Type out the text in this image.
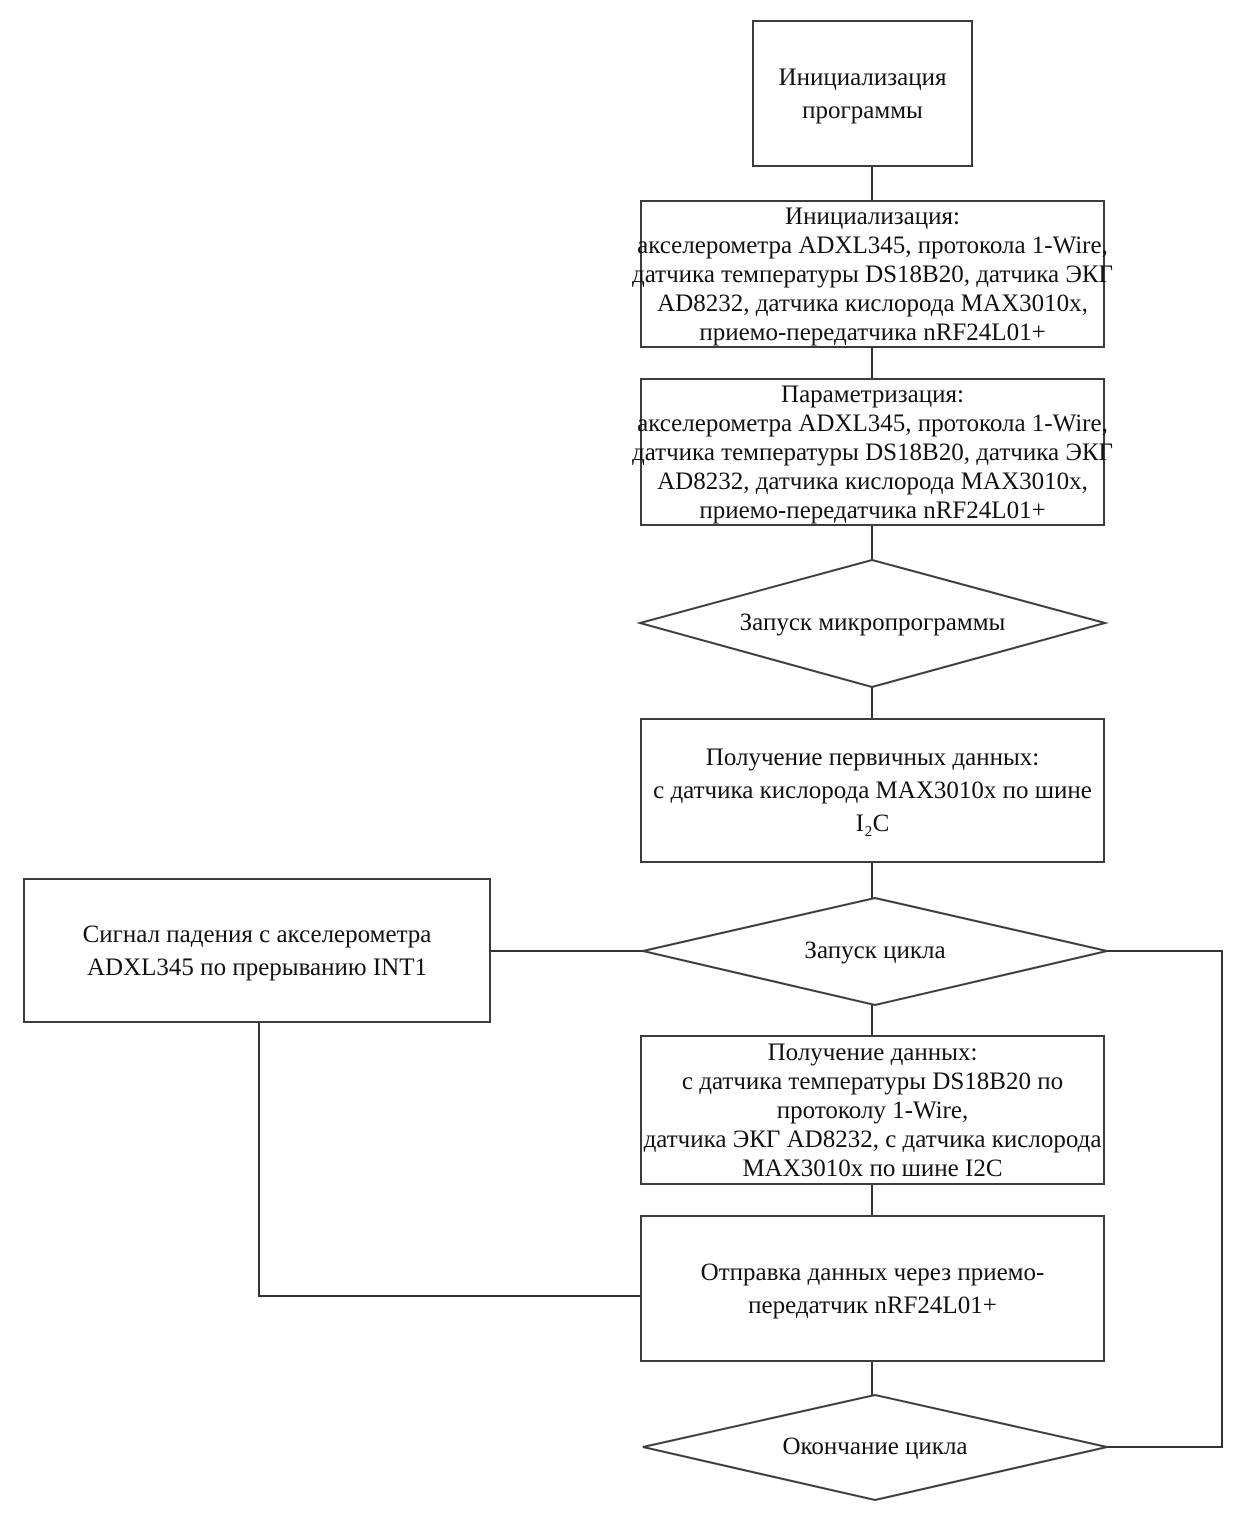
Инициализация
программы
Инициализация:
акселерометра ADXL345, протокола 1-Wire,
датчика температуры DS18B20, датчика ЭКГ
AD8232, датчика кислорода MAX3010x,
приемо-передатчика nRF24L01+
Параметризация:
акселерометра ADXL345, протокола 1-Wire,
датчика температуры DS18B20, датчика ЭКГ
AD8232, датчика кислорода MAX3010x,
приемо-передатчика nRF24L01+
Запуск микропрограммы
Получение первичных данных:
с датчика кислорода MAX3010x по шине
I₂C
Сигнал падения с акселерометра
ADXL345 по прерыванию INT1
Запуск цикла
Получение данных:
с датчика температуры DS18B20 по
протоколу 1-Wire,
датчика ЭКГ AD8232, с датчика кислорода
MAX3010x по шине I2C
Отправка данных через приемо-
передатчик nRF24L01+
Окончание цикла
